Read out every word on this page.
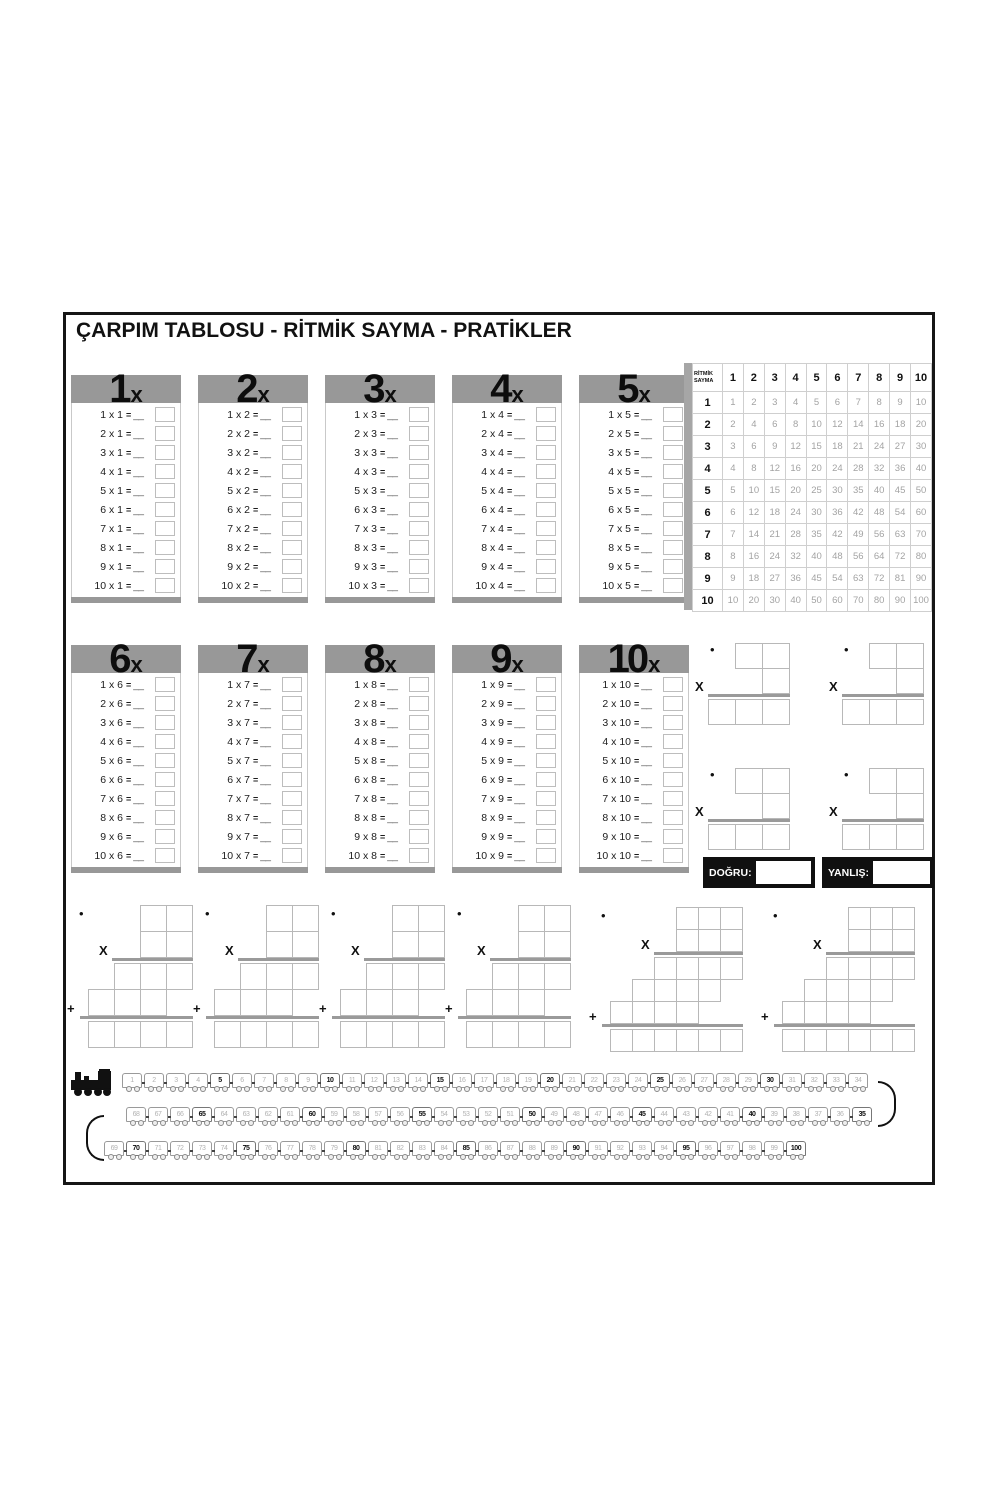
ÇARPIM TABLOSU - RİTMİK SAYMA - PRATİKLER
1x
1 x 1 = __
2 x 1 = __
3 x 1 = __
4 x 1 = __
5 x 1 = __
6 x 1 = __
7 x 1 = __
8 x 1 = __
9 x 1 = __
10 x 1 = __
2x
1 x 2 = __
2 x 2 = __
3 x 2 = __
4 x 2 = __
5 x 2 = __
6 x 2 = __
7 x 2 = __
8 x 2 = __
9 x 2 = __
10 x 2 = __
3x
1 x 3 = __
2 x 3 = __
3 x 3 = __
4 x 3 = __
5 x 3 = __
6 x 3 = __
7 x 3 = __
8 x 3 = __
9 x 3 = __
10 x 3 = __
4x
1 x 4 = __
2 x 4 = __
3 x 4 = __
4 x 4 = __
5 x 4 = __
6 x 4 = __
7 x 4 = __
8 x 4 = __
9 x 4 = __
10 x 4 = __
5x
1 x 5 = __
2 x 5 = __
3 x 5 = __
4 x 5 = __
5 x 5 = __
6 x 5 = __
7 x 5 = __
8 x 5 = __
9 x 5 = __
10 x 5 = __
6x
1 x 6 = __
2 x 6 = __
3 x 6 = __
4 x 6 = __
5 x 6 = __
6 x 6 = __
7 x 6 = __
8 x 6 = __
9 x 6 = __
10 x 6 = __
7x
1 x 7 = __
2 x 7 = __
3 x 7 = __
4 x 7 = __
5 x 7 = __
6 x 7 = __
7 x 7 = __
8 x 7 = __
9 x 7 = __
10 x 7 = __
8x
1 x 8 = __
2 x 8 = __
3 x 8 = __
4 x 8 = __
5 x 8 = __
6 x 8 = __
7 x 8 = __
8 x 8 = __
9 x 8 = __
10 x 8 = __
9x
1 x 9 = __
2 x 9 = __
3 x 9 = __
4 x 9 = __
5 x 9 = __
6 x 9 = __
7 x 9 = __
8 x 9 = __
9 x 9 = __
10 x 9 = __
10x
1 x 10 = __
2 x 10 = __
3 x 10 = __
4 x 10 = __
5 x 10 = __
6 x 10 = __
7 x 10 = __
8 x 10 = __
9 x 10 = __
10 x 10 = __
RİTMİK
SAYMA	1	2	3	4	5	6	7	8	9	10
1	1	2	3	4	5	6	7	8	9	10
2	2	4	6	8	10	12	14	16	18	20
3	3	6	9	12	15	18	21	24	27	30
4	4	8	12	16	20	24	28	32	36	40
5	5	10	15	20	25	30	35	40	45	50
6	6	12	18	24	30	36	42	48	54	60
7	7	14	21	28	35	42	49	56	63	70
8	8	16	24	32	40	48	56	64	72	80
9	9	18	27	36	45	54	63	72	81	90
10	10	20	30	40	50	60	70	80	90	100
•
X
•
X
•
X
•
X
DOĞRU:	YANLIŞ:
•
X
+
•
X
+
•
X
+
•
X
+
•
X
+
•
X
+
1	2	3	4	5	6	7	8	9	10	11	12	13	14	15	16	17	18	19	20	21	22	23	24	25	26	27	28	29	30	31	32	33	34
68	67	66	65	64	63	62	61	60	59	58	57	56	55	54	53	52	51	50	49	48	47	46	45	44	43	42	41	40	39	38	37	36	35
69	70	71	72	73	74	75	76	77	78	79	80	81	82	83	84	85	86	87	88	89	90	91	92	93	94	95	96	97	98	99	100
